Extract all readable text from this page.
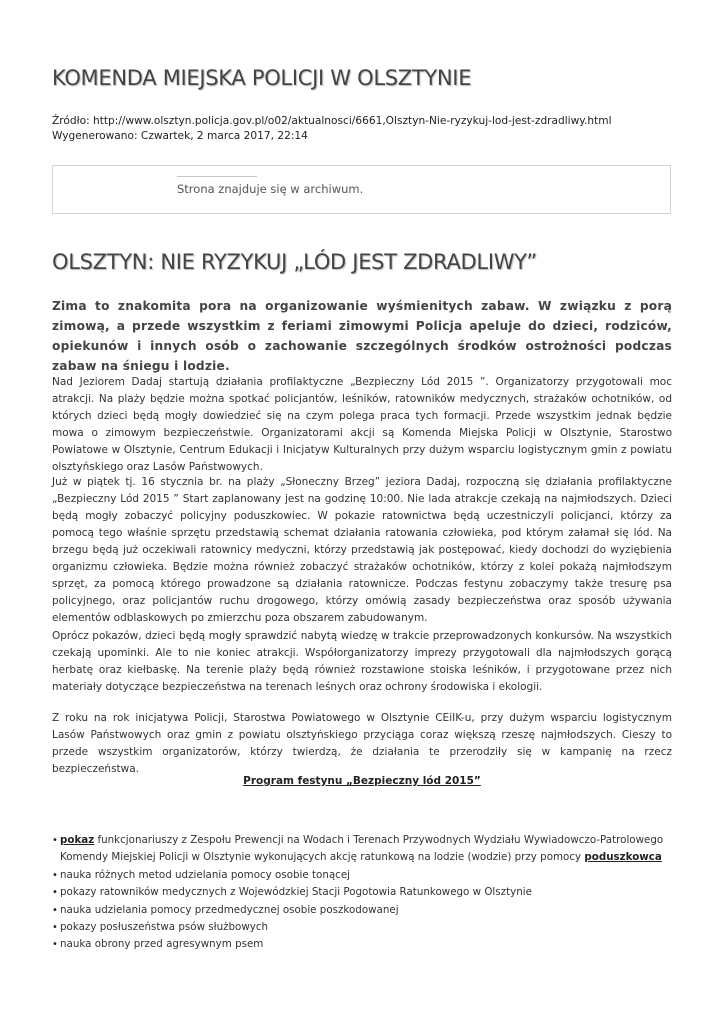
KOMENDA MIEJSKA POLICJI W OLSZTYNIE
Źródło: http://www.olsztyn.policja.gov.pl/o02/aktualnosci/6661,Olsztyn-Nie-ryzykuj-lod-jest-zdradliwy.html
Wygenerowano: Czwartek, 2 marca 2017, 22:14
Strona znajduje się w archiwum.
OLSZTYN: NIE RYZYKUJ „LÓD JEST ZDRADLIWY”

Zima to znakomita pora na organizowanie wyśmienitych zabaw. W związku z porą zimową, a przede wszystkim z feriami zimowymi Policja apeluje do dzieci, rodziców, opiekunów i innych osób o zachowanie szczególnych środków ostrożności podczas zabaw na śniegu i lodzie.

Nad Jeziorem Dadaj startują działania profilaktyczne „Bezpieczny Lód 2015 ”. Organizatorzy przygotowali moc atrakcji. Na plaży będzie można spotkać policjantów, leśników, ratowników medycznych, strażaków ochotników, od których dzieci będą mogły dowiedzieć się na czym polega praca tych formacji. Przede wszystkim jednak będzie mowa o zimowym bezpieczeństwie. Organizatorami akcji są Komenda Miejska Policji w Olsztynie, Starostwo Powiatowe w Olsztynie, Centrum Edukacji i Inicjatyw Kulturalnych przy dużym wsparciu logistycznym gmin z powiatu olsztyńskiego oraz Lasów Państwowych.

Już w piątek tj. 16 stycznia br. na plaży „Słoneczny Brzeg” jeziora Dadaj, rozpoczną się działania profilaktyczne „Bezpieczny Lód 2015 ” Start zaplanowany jest na godzinę 10:00. Nie lada atrakcje czekają na najmłodszych. Dzieci będą mogły zobaczyć policyjny poduszkowiec. W pokazie ratownictwa będą uczestniczyli policjanci, którzy za pomocą tego właśnie sprzętu przedstawią schemat działania ratowania człowieka, pod którym załamał się lód. Na brzegu będą już oczekiwali ratownicy medyczni, którzy przedstawią jak postępować, kiedy dochodzi do wyziębienia organizmu człowieka. Będzie można również zobaczyć strażaków ochotników, którzy z kolei pokażą najmłodszym sprzęt, za pomocą którego prowadzone są działania ratownicze. Podczas festynu zobaczymy także tresurę psa policyjnego, oraz policjantów ruchu drogowego, którzy omówią zasady bezpieczeństwa oraz sposób używania elementów odblaskowych po zmierzchu poza obszarem zabudowanym.

Oprócz pokazów, dzieci będą mogły sprawdzić nabytą wiedzę w trakcie przeprowadzonych konkursów. Na wszystkich czekają upominki. Ale to nie koniec atrakcji. Współorganizatorzy imprezy przygotowali dla najmłodszych gorącą herbatę oraz kiełbaskę. Na terenie plaży będą również rozstawione stoiska leśników, i przygotowane przez nich materiały dotyczące bezpieczeństwa na terenach leśnych oraz ochrony środowiska i ekologii.

Z roku na rok inicjatywa Policji, Starostwa Powiatowego w Olsztynie CEiIK-u, przy dużym wsparciu logistycznym Lasów Państwowych oraz gmin z powiatu olsztyńskiego przyciąga coraz większą rzeszę najmłodszych. Cieszy to przede wszystkim organizatorów, którzy twierdzą, że działania te przerodziły się w kampanię na rzecz bezpieczeństwa.

Program festynu „Bezpieczny lód 2015”

• pokaz funkcjonariuszy z Zespołu Prewencji na Wodach i Terenach Przywodnych Wydziału Wywiadowczo-Patrolowego Komendy Miejskiej Policji w Olsztynie wykonujących akcję ratunkową na lodzie (wodzie) przy pomocy poduszkowca
• nauka różnych metod udzielania pomocy osobie tonącej
• pokazy ratowników medycznych z Wojewódzkiej Stacji Pogotowia Ratunkowego w Olsztynie
• nauka udzielania pomocy przedmedycznej osobie poszkodowanej
• pokazy posłuszeństwa psów służbowych
• nauka obrony przed agresywnym psem
